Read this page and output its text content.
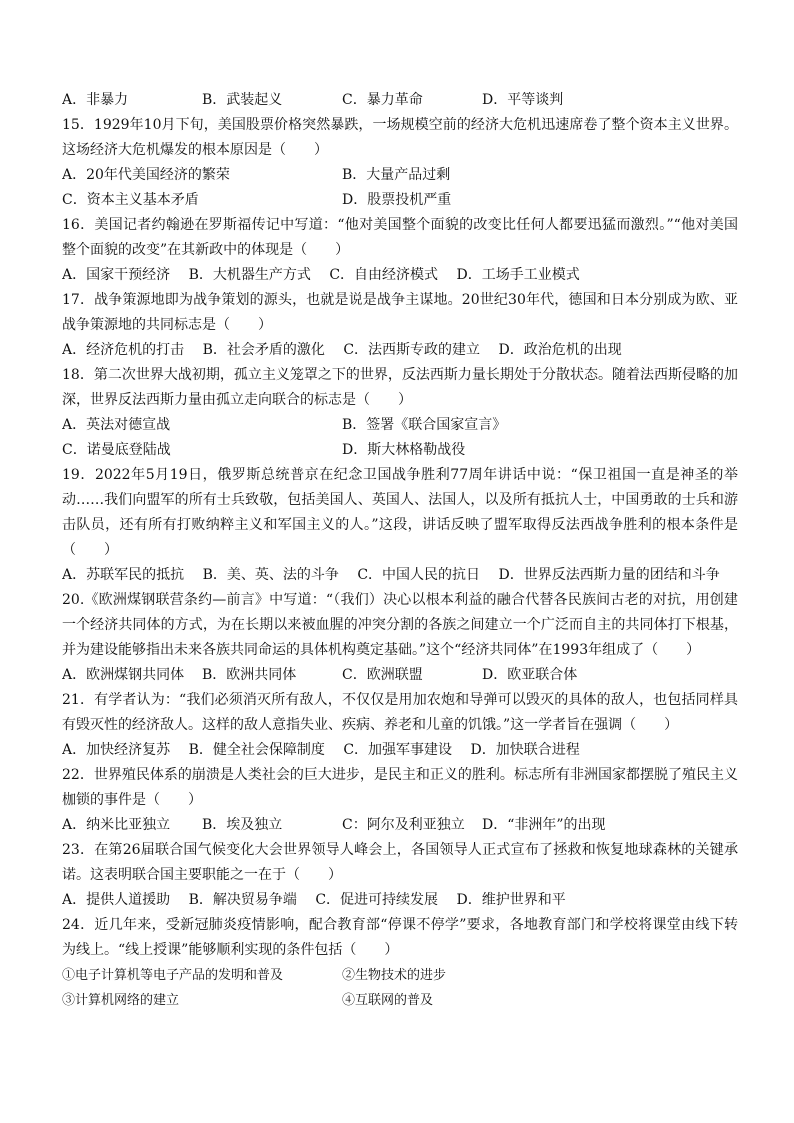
A．非暴力	B．武装起义	C．暴力革命	D．平等谈判
15．1929年10月下旬，美国股票价格突然暴跌，一场规模空前的经济大危机迅速席卷了整个资本主义世界。这场经济大危机爆发的根本原因是（　　）
A．20年代美国经济的繁荣	B．大量产品过剩
C．资本主义基本矛盾	D．股票投机严重
16．美国记者约翰逊在罗斯福传记中写道：“他对美国整个面貌的改变比任何人都要迅猛而激烈。”“他对美国整个面貌的改变”在其新政中的体现是（　　）
A．国家干预经济 B．大机器生产方式 C．自由经济模式 D．工场手工业模式
17．战争策源地即为战争策划的源头，也就是说是战争主谋地。20世纪30年代，德国和日本分别成为欧、亚战争策源地的共同标志是（　　）
A．经济危机的打击 B．社会矛盾的激化 C．法西斯专政的建立 D．政治危机的出现
18．第二次世界大战初期，孤立主义笼罩之下的世界，反法西斯力量长期处于分散状态。随着法西斯侵略的加深，世界反法西斯力量由孤立走向联合的标志是（　　）
A．英法对德宣战	B．签署《联合国家宣言》
C．诺曼底登陆战	D．斯大林格勒战役
19．2022年5月19日，俄罗斯总统普京在纪念卫国战争胜利77周年讲话中说：“保卫祖国一直是神圣的举动……我们向盟军的所有士兵致敬，包括美国人、英国人、法国人，以及所有抵抗人士，中国勇敢的士兵和游击队员，还有所有打败纳粹主义和军国主义的人。”这段，讲话反映了盟军取得反法西战争胜利的根本条件是（　　）
A．苏联军民的抵抗 B．美、英、法的斗争 C．中国人民的抗日 D．世界反法西斯力量的团结和斗争
20.《欧洲煤钢联营条约—前言》中写道：“（我们）决心以根本利益的融合代替各民族间古老的对抗，用创建一个经济共同体的方式，为在长期以来被血腥的冲突分割的各族之间建立一个广泛而自主的共同体打下根基，并为建设能够指出未来各族共同命运的具体机构奠定基础。”这个“经济共同体”在1993年组成了（　　）
A．欧洲煤钢共同体	B．欧洲共同体	C．欧洲联盟	D．欧亚联合体
21．有学者认为：“我们必须消灭所有敌人，不仅仅是用加农炮和导弹可以毁灭的具体的敌人，也包括同样具有毁灭性的经济敌人。这样的敌人意指失业、疾病、养老和儿童的饥饿。”这一学者旨在强调（　　）
A．加快经济复苏 B．健全社会保障制度 C．加强军事建设 D．加快联合进程
22．世界殖民体系的崩溃是人类社会的巨大进步，是民主和正义的胜利。标志所有非洲国家都摆脱了殖民主义枷锁的事件是（　　）
A．纳米比亚独立	B．埃及独立	C：阿尔及利亚独立	D．“非洲年”的出现
23．在第26届联合国气候变化大会世界领导人峰会上，各国领导人正式宣布了拯救和恢复地球森林的关键承诺。这表明联合国主要职能之一在于（　　）
A．提供人道援助 B．解决贸易争端 C．促进可持续发展 D．维护世界和平
24．近几年来，受新冠肺炎疫情影响，配合教育部“停课不停学”要求，各地教育部门和学校将课堂由线下转为线上。“线上授课”能够顺利实现的条件包括（　　）
①电子计算机等电子产品的发明和普及	②生物技术的进步
③计算机网络的建立	④互联网的普及
